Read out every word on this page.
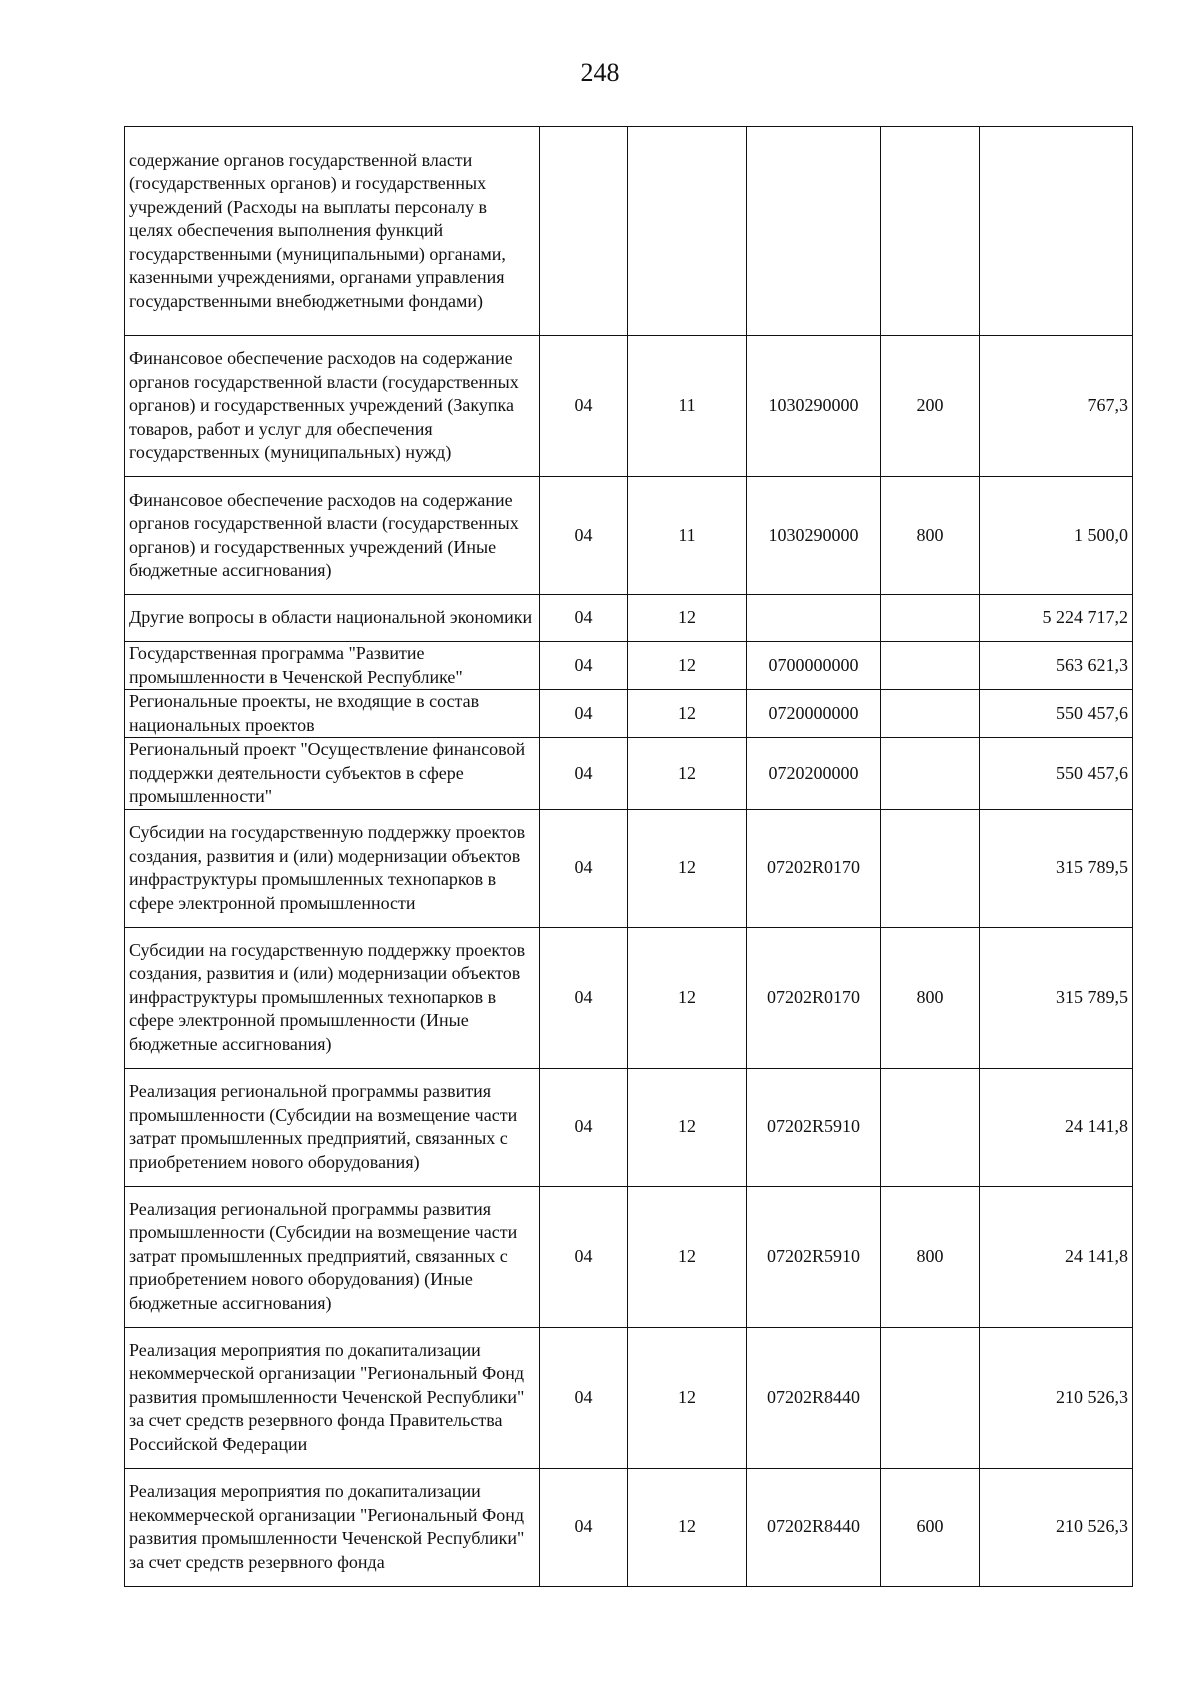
248
содержание органов государственной власти (государственных органов) и государственных учреждений (Расходы на выплаты персоналу в целях обеспечения выполнения функций государственными (муниципальными) органами, казенными учреждениями, органами управления государственными внебюджетными фондами)					
Финансовое обеспечение расходов на содержание органов государственной власти (государственных органов) и государственных учреждений (Закупка товаров, работ и услуг для обеспечения государственных (муниципальных) нужд)	04	11	1030290000	200	767,3
Финансовое обеспечение расходов на содержание органов государственной власти (государственных органов) и государственных учреждений (Иные бюджетные ассигнования)	04	11	1030290000	800	1 500,0
Другие вопросы в области национальной экономики	04	12			5 224 717,2
Государственная программа "Развитие промышленности в Чеченской Республике"	04	12	0700000000		563 621,3
Региональные проекты, не входящие в состав национальных проектов	04	12	0720000000		550 457,6
Региональный проект "Осуществление финансовой поддержки деятельности субъектов в сфере промышленности"	04	12	0720200000		550 457,6
Субсидии на государственную поддержку проектов создания, развития и (или) модернизации объектов инфраструктуры промышленных технопарков в сфере электронной промышленности	04	12	07202R0170		315 789,5
Субсидии на государственную поддержку проектов создания, развития и (или) модернизации объектов инфраструктуры промышленных технопарков в сфере электронной промышленности (Иные бюджетные ассигнования)	04	12	07202R0170	800	315 789,5
Реализация региональной программы развития промышленности (Субсидии на возмещение части затрат промышленных предприятий, связанных с приобретением нового оборудования)	04	12	07202R5910		24 141,8
Реализация региональной программы развития промышленности (Субсидии на возмещение части затрат промышленных предприятий, связанных с приобретением нового оборудования) (Иные бюджетные ассигнования)	04	12	07202R5910	800	24 141,8
Реализация мероприятия по докапитализации некоммерческой организации "Региональный Фонд развития промышленности Чеченской Республики" за счет средств резервного фонда Правительства Российской Федерации	04	12	07202R8440		210 526,3
Реализация мероприятия по докапитализации некоммерческой организации "Региональный Фонд развития промышленности Чеченской Республики" за счет средств резервного фонда	04	12	07202R8440	600	210 526,3
